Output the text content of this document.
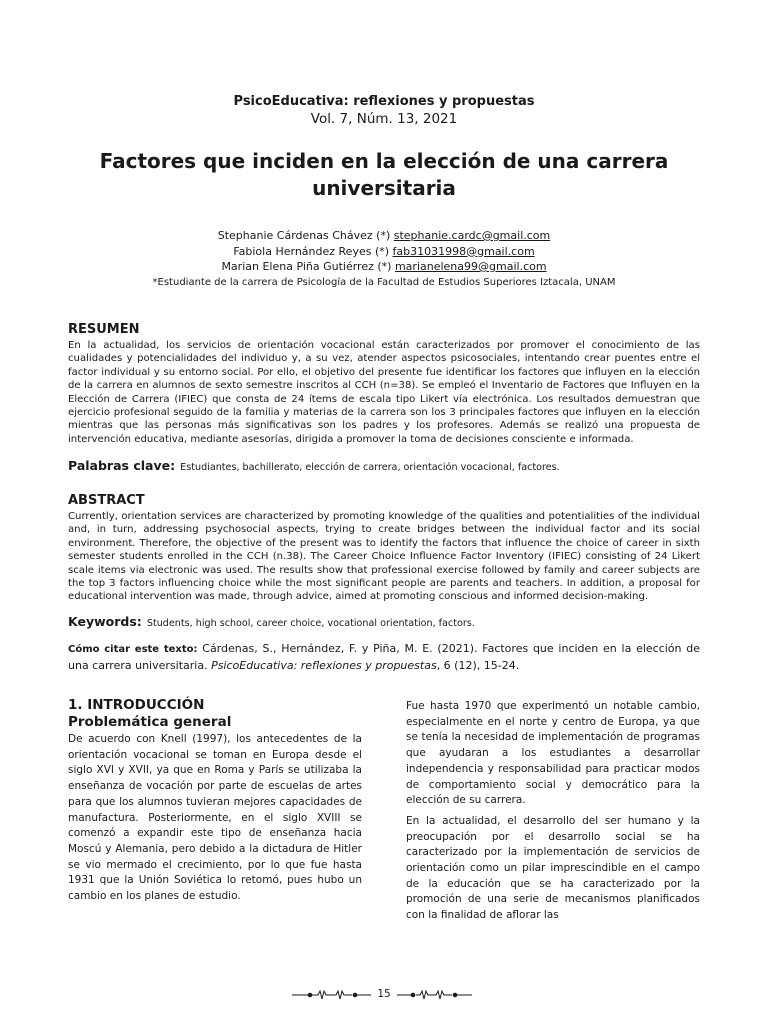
PsicoEducativa: reflexiones y propuestas
Vol. 7, Núm. 13, 2021
Factores que inciden en la elección de una carrera universitaria
Stephanie Cárdenas Chávez (*) stephanie.cardc@gmail.com
Fabiola Hernández Reyes (*) fab31031998@gmail.com
Marian Elena Piña Gutiérrez (*) marianelena99@gmail.com
*Estudiante de la carrera de Psicología de la Facultad de Estudios Superiores Iztacala, UNAM
RESUMEN
En la actualidad, los servicios de orientación vocacional están caracterizados por promover el conocimiento de las cualidades y potencialidades del individuo y, a su vez, atender aspectos psicosociales, intentando crear puentes entre el factor individual y su entorno social. Por ello, el objetivo del presente fue identificar los factores que influyen en la elección de la carrera en alumnos de sexto semestre inscritos al CCH (n=38). Se empleó el Inventario de Factores que Influyen en la Elección de Carrera (IFIEC) que consta de 24 ítems de escala tipo Likert vía electrónica. Los resultados demuestran que ejercicio profesional seguido de la familia y materias de la carrera son los 3 principales factores que influyen en la elección mientras que las personas más significativas son los padres y los profesores. Además se realizó una propuesta de intervención educativa, mediante asesorías, dirigida a promover la toma de decisiones consciente e informada.
Palabras clave: Estudiantes, bachillerato, elección de carrera, orientación vocacional, factores.
ABSTRACT
Currently, orientation services are characterized by promoting knowledge of the qualities and potentialities of the individual and, in turn, addressing psychosocial aspects, trying to create bridges between the individual factor and its social environment. Therefore, the objective of the present was to identify the factors that influence the choice of career in sixth semester students enrolled in the CCH (n.38). The Career Choice Influence Factor Inventory (IFIEC) consisting of 24 Likert scale items via electronic was used. The results show that professional exercise followed by family and career subjects are the top 3 factors influencing choice while the most significant people are parents and teachers. In addition, a proposal for educational intervention was made, through advice, aimed at promoting conscious and informed decision-making.
Keywords: Students, high school, career choice, vocational orientation, factors.
Cómo citar este texto: Cárdenas, S., Hernández, F. y Piña, M. E. (2021). Factores que inciden en la elección de una carrera universitaria. PsicoEducativa: reflexiones y propuestas, 6 (12), 15-24.
1. INTRODUCCIÓN
Problemática general

De acuerdo con Knell (1997), los antecedentes de la orientación vocacional se toman en Europa desde el siglo XVI y XVII, ya que en Roma y París se utilizaba la enseñanza de vocación por parte de escuelas de artes para que los alumnos tuvieran mejores capacidades de manufactura. Posteriormente, en el siglo XVIII se comenzó a expandir este tipo de enseñanza hacia Moscú y Alemania, pero debido a la dictadura de Hitler se vio mermado el crecimiento, por lo que fue hasta 1931 que la Unión Soviética lo retomó, pues hubo un cambio en los planes de estudio.

Fue hasta 1970 que experimentó un notable cambio, especialmente en el norte y centro de Europa, ya que se tenía la necesidad de implementación de programas que ayudaran a los estudiantes a desarrollar independencia y responsabilidad para practicar modos de comportamiento social y democrático para la elección de su carrera.

En la actualidad, el desarrollo del ser humano y la preocupación por el desarrollo social se ha caracterizado por la implementación de servicios de orientación como un pilar imprescindible en el campo de la educación que se ha caracterizado por la promoción de una serie de mecanismos planificados con la finalidad de aflorar las

15
